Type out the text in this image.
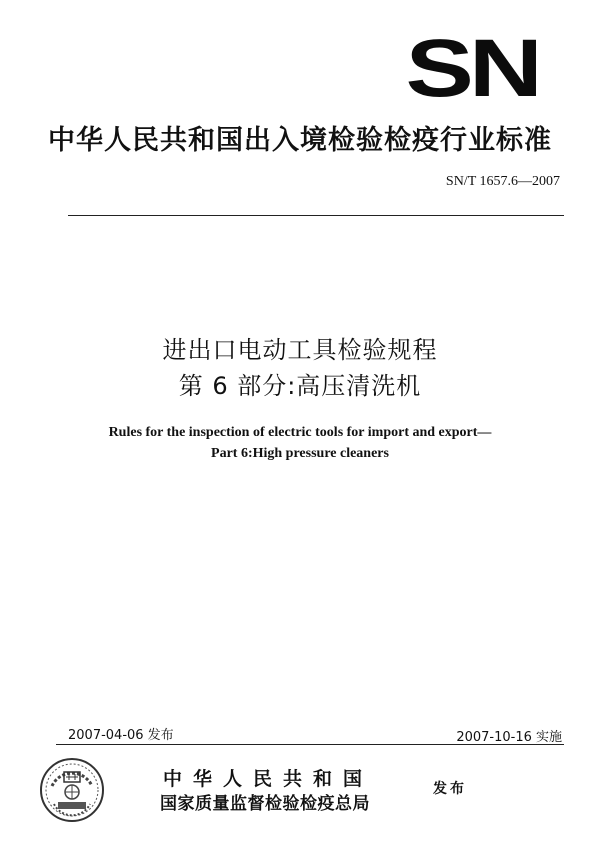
SN
中华人民共和国出入境检验检疫行业标准
SN/T 1657.6—2007
进出口电动工具检验规程
第 6 部分:高压清洗机
Rules for the inspection of electric tools for import and export—
Part 6:High pressure cleaners
2007-04-06 发布	2007-10-16 实施
中华人民共和国
国家质量监督检验检疫总局
发布
